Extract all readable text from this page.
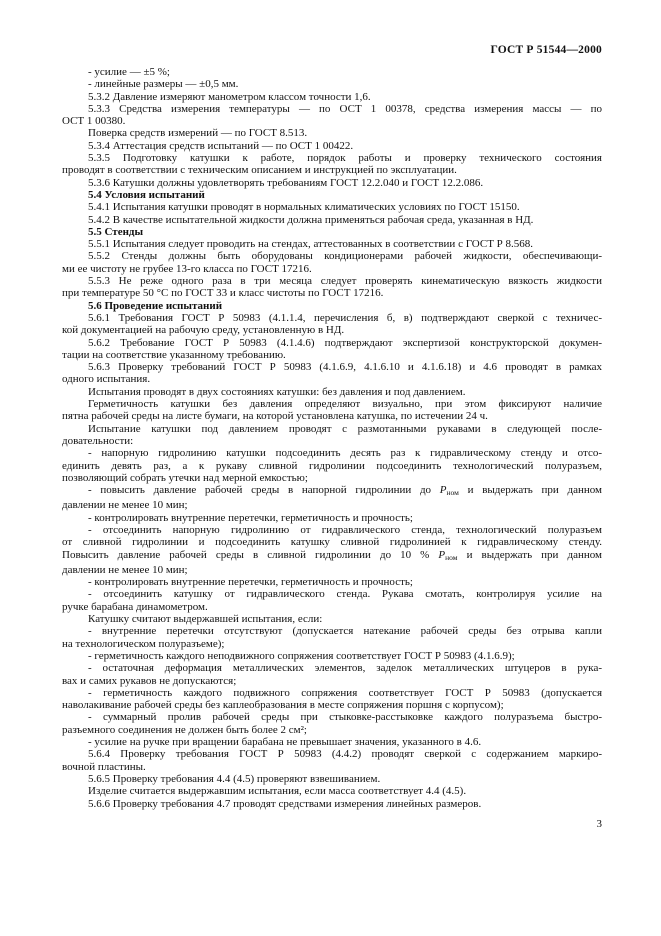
ГОСТ Р 51544—2000
- усилие — ±5 %;
- линейные размеры — ±0,5 мм.
5.3.2 Давление измеряют манометром классом точности 1,6.
5.3.3 Средства измерения температуры — по ОСТ 1 00378, средства измерения массы — по
ОСТ 1 00380.
Поверка средств измерений — по ГОСТ 8.513.
5.3.4 Аттестация средств испытаний — по ОСТ 1 00422.
5.3.5 Подготовку катушки к работе, порядок работы и проверку технического состояния
проводят в соответствии с техническим описанием и инструкцией по эксплуатации.
5.3.6 Катушки должны удовлетворять требованиям ГОСТ 12.2.040 и ГОСТ 12.2.086.
5.4 Условия испытаний
5.4.1 Испытания катушки проводят в нормальных климатических условиях по ГОСТ 15150.
5.4.2 В качестве испытательной жидкости должна применяться рабочая среда, указанная в НД.
5.5 Стенды
5.5.1 Испытания следует проводить на стендах, аттестованных в соответствии с ГОСТ Р 8.568.
5.5.2 Стенды должны быть оборудованы кондиционерами рабочей жидкости, обеспечивающи-
ми ее чистоту не грубее 13-го класса по ГОСТ 17216.
5.5.3 Не реже одного раза в три месяца следует проверять кинематическую вязкость жидкости
при температуре 50 °C по ГОСТ 33 и класс чистоты по ГОСТ 17216.
5.6 Проведение испытаний
5.6.1 Требования ГОСТ Р 50983 (4.1.1.4, перечисления б, в) подтверждают сверкой с техничес-
кой документацией на рабочую среду, установленную в НД.
5.6.2 Требование ГОСТ Р 50983 (4.1.4.6) подтверждают экспертизой конструкторской докумен-
тации на соответствие указанному требованию.
5.6.3 Проверку требований ГОСТ Р 50983 (4.1.6.9, 4.1.6.10 и 4.1.6.18) и 4.6 проводят в рамках
одного испытания.
Испытания проводят в двух состояниях катушки: без давления и под давлением.
Герметичность катушки без давления определяют визуально, при этом фиксируют наличие
пятна рабочей среды на листе бумаги, на которой установлена катушка, по истечении 24 ч.
Испытание катушки под давлением проводят с размотанными рукавами в следующей после-
довательности:
- напорную гидролинию катушки подсоединить десять раз к гидравлическому стенду и отсо-
единить девять раз, а к рукаву сливной гидролинии подсоединить технологический полуразъем,
позволяющий собрать утечки над мерной емкостью;
- повысить давление рабочей среды в напорной гидролинии до $P_{ном}$ и выдержать при данном
давлении не менее 10 мин;
- контролировать внутренние перетечки, герметичность и прочность;
- отсоединить напорную гидролинию от гидравлического стенда, технологический полуразъем
от сливной гидролинии и подсоединить катушку сливной гидролинией к гидравлическому стенду.
Повысить давление рабочей среды в сливной гидролинии до 10 % $P_{ном}$ и выдержать при данном
давлении не менее 10 мин;
- контролировать внутренние перетечки, герметичность и прочность;
- отсоединить катушку от гидравлического стенда. Рукава смотать, контролируя усилие на
ручке барабана динамометром.
Катушку считают выдержавшей испытания, если:
- внутренние перетечки отсутствуют (допускается натекание рабочей среды без отрыва капли
на технологическом полуразъеме);
- герметичность каждого неподвижного сопряжения соответствует ГОСТ Р 50983 (4.1.6.9);
- остаточная деформация металлических элементов, заделок металлических штуцеров в рука-
вах и самих рукавов не допускаются;
- герметичность каждого подвижного сопряжения соответствует ГОСТ Р 50983 (допускается
наволакивание рабочей среды без каплеобразования в месте сопряжения поршня с корпусом);
- суммарный пролив рабочей среды при стыковке-расстыковке каждого полуразъема быстро-
разъемного соединения не должен быть более 2 см²;
- усилие на ручке при вращении барабана не превышает значения, указанного в 4.6.
5.6.4 Проверку требования ГОСТ Р 50983 (4.4.2) проводят сверкой с содержанием маркиро-
вочной пластины.
5.6.5 Проверку требования 4.4 (4.5) проверяют взвешиванием.
Изделие считается выдержавшим испытания, если масса соответствует 4.4 (4.5).
5.6.6 Проверку требования 4.7 проводят средствами измерения линейных размеров.
3
